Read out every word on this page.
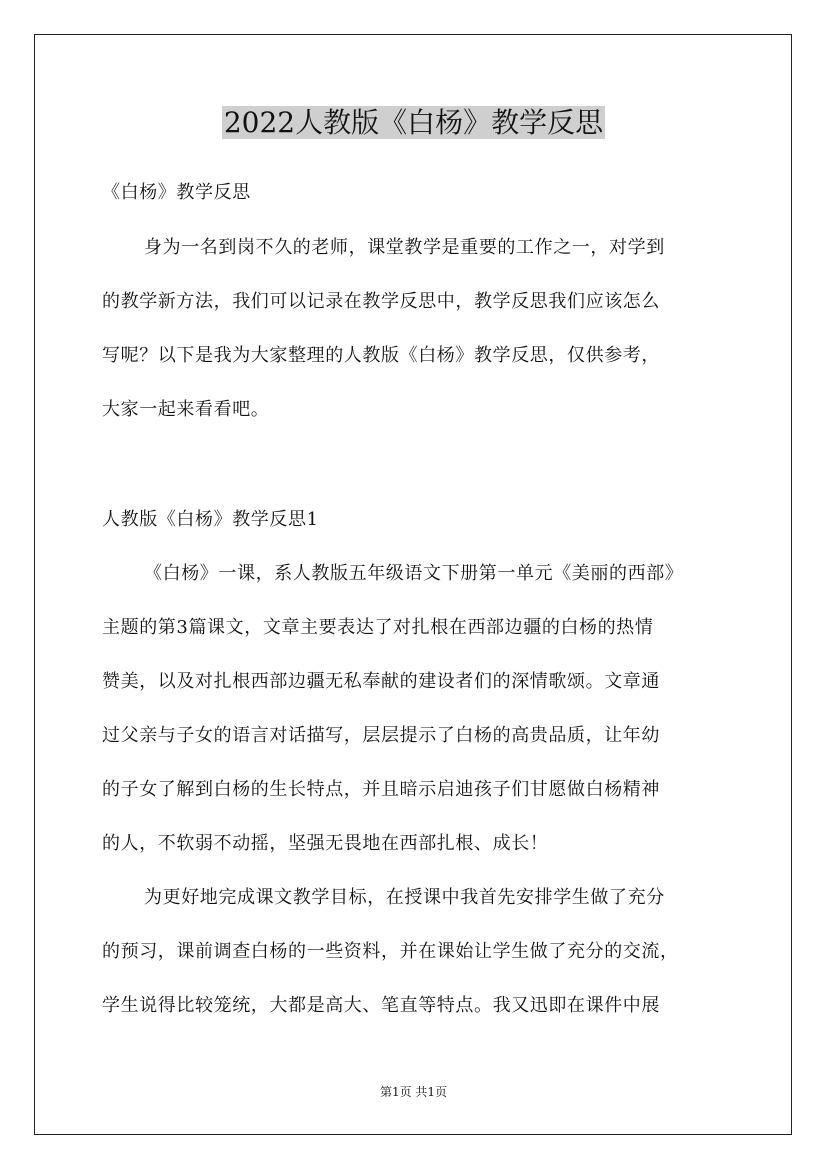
2022人教版《白杨》教学反思
《白杨》教学反思
身为一名到岗不久的老师，课堂教学是重要的工作之一，对学到
的教学新方法，我们可以记录在教学反思中，教学反思我们应该怎么
写呢？以下是我为大家整理的人教版《白杨》教学反思，仅供参考，
大家一起来看看吧。
人教版《白杨》教学反思1
《白杨》一课，系人教版五年级语文下册第一单元《美丽的西部》
主题的第3篇课文，文章主要表达了对扎根在西部边疆的白杨的热情
赞美，以及对扎根西部边疆无私奉献的建设者们的深情歌颂。文章通
过父亲与子女的语言对话描写，层层提示了白杨的高贵品质，让年幼
的子女了解到白杨的生长特点，并且暗示启迪孩子们甘愿做白杨精神
的人，不软弱不动摇，坚强无畏地在西部扎根、成长！
为更好地完成课文教学目标，在授课中我首先安排学生做了充分
的预习，课前调查白杨的一些资料，并在课始让学生做了充分的交流，
学生说得比较笼统，大都是高大、笔直等特点。我又迅即在课件中展
第1页 共1页
